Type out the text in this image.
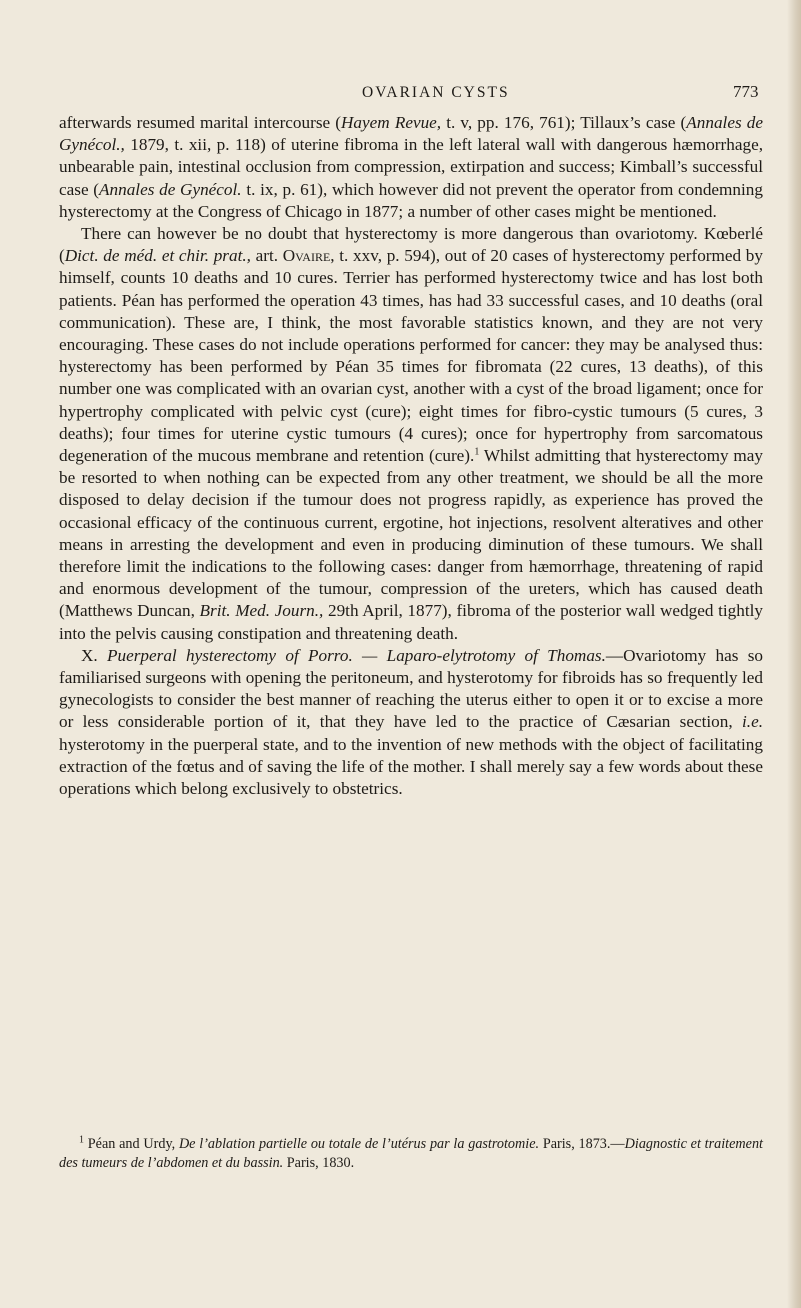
OVARIAN CYSTS	773

afterwards resumed marital intercourse (Hayem Revue, t. v, pp. 176, 761); Tillaux’s case (Annales de Gynécol., 1879, t. xii, p. 118) of uterine fibroma in the left lateral wall with dangerous hæmorrhage, unbearable pain, intestinal occlusion from compression, extirpation and success; Kimball’s successful case (Annales de Gynécol. t. ix, p. 61), which however did not prevent the operator from condemning hysterectomy at the Congress of Chicago in 1877; a number of other cases might be mentioned.

There can however be no doubt that hysterectomy is more dangerous than ovariotomy. Kœberlé (Dict. de méd. et chir. prat., art. Ovaire, t. xxv, p. 594), out of 20 cases of hysterectomy performed by himself, counts 10 deaths and 10 cures. Terrier has performed hysterectomy twice and has lost both patients. Péan has performed the operation 43 times, has had 33 successful cases, and 10 deaths (oral communication). These are, I think, the most favorable statistics known, and they are not very encouraging. These cases do not include operations performed for cancer: they may be analysed thus: hysterectomy has been performed by Péan 35 times for fibromata (22 cures, 13 deaths), of this number one was complicated with an ovarian cyst, another with a cyst of the broad ligament; once for hypertrophy complicated with pelvic cyst (cure); eight times for fibro-cystic tumours (5 cures, 3 deaths); four times for uterine cystic tumours (4 cures); once for hypertrophy from sarcomatous degeneration of the mucous membrane and retention (cure).$^1$ Whilst admitting that hysterectomy may be resorted to when nothing can be expected from any other treatment, we should be all the more disposed to delay decision if the tumour does not progress rapidly, as experience has proved the occasional efficacy of the continuous current, ergotine, hot injections, resolvent alteratives and other means in arresting the development and even in producing diminution of these tumours. We shall therefore limit the indications to the following cases: danger from hæmorrhage, threatening of rapid and enormous development of the tumour, compression of the ureters, which has caused death (Matthews Duncan, Brit. Med. Journ., 29th April, 1877), fibroma of the posterior wall wedged tightly into the pelvis causing constipation and threatening death.

X. Puerperal hysterectomy of Porro. — Laparo-elytrotomy of Thomas.—Ovariotomy has so familiarised surgeons with opening the peritoneum, and hysterotomy for fibroids has so frequently led gynecologists to consider the best manner of reaching the uterus either to open it or to excise a more or less considerable portion of it, that they have led to the practice of Cæsarian section, i.e. hysterotomy in the puerperal state, and to the invention of new methods with the object of facilitating extraction of the fœtus and of saving the life of the mother. I shall merely say a few words about these operations which belong exclusively to obstetrics.

$^1$ Péan and Urdy, De l’ablation partielle ou totale de l’utérus par la gastrotomie. Paris, 1873.—Diagnostic et traitement des tumeurs de l’abdomen et du bassin. Paris, 1830.
